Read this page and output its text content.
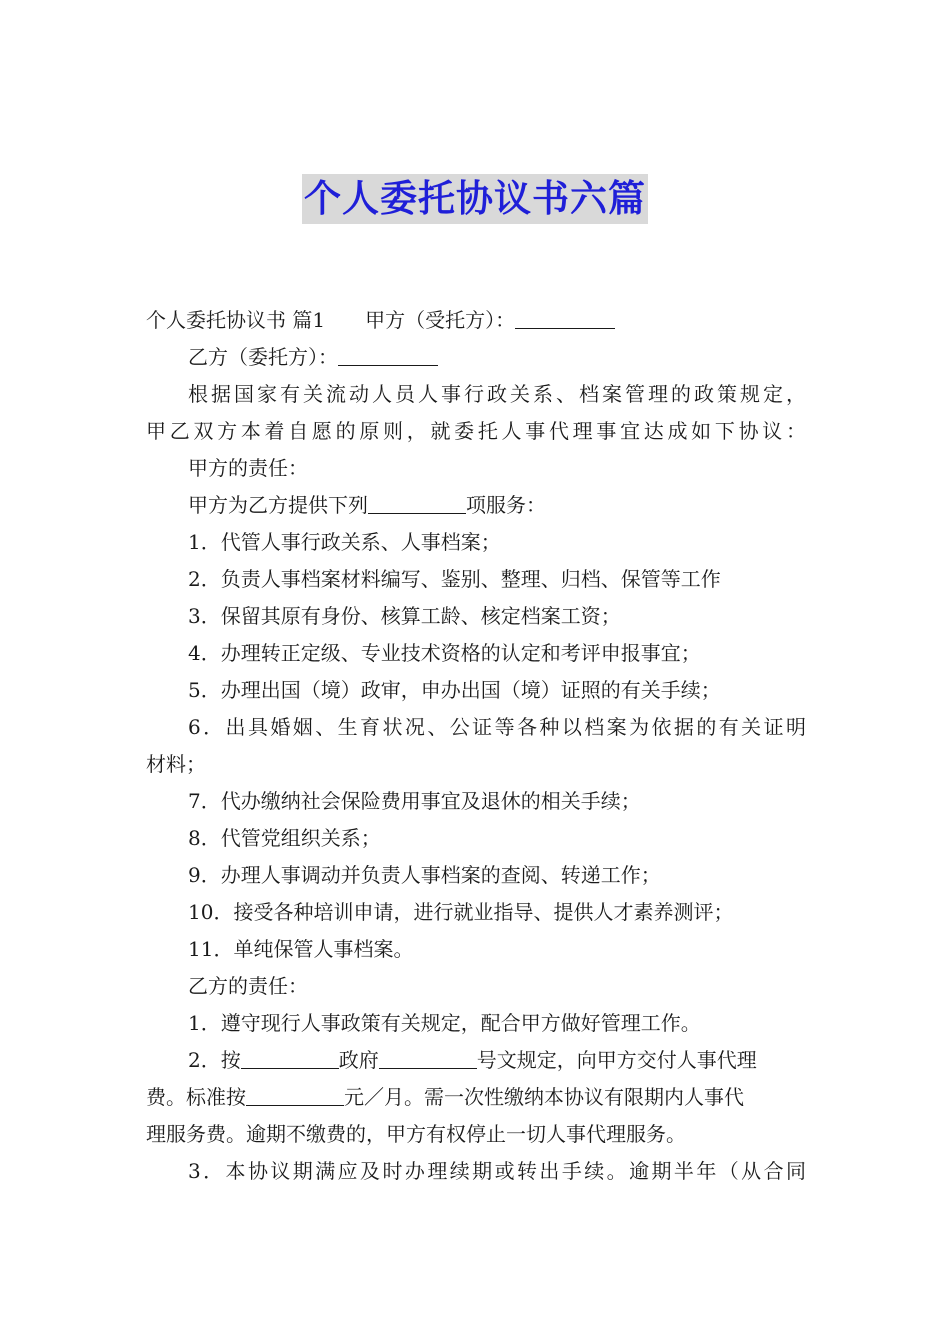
个人委托协议书六篇
个人委托协议书 篇1 甲方（受托方）：
乙方（委托方）：
根据国家有关流动人员人事行政关系、档案管理的政策规定，
甲乙双方本着自愿的原则，就委托人事代理事宜达成如下协议：
甲方的责任：
甲方为乙方提供下列	项服务：
1．代管人事行政关系、人事档案；
2．负责人事档案材料编写、鉴别、整理、归档、保管等工作
3．保留其原有身份、核算工龄、核定档案工资；
4．办理转正定级、专业技术资格的认定和考评申报事宜；
5．办理出国（境）政审，申办出国（境）证照的有关手续；
6．出具婚姻、生育状况、公证等各种以档案为依据的有关证明
材料；
7．代办缴纳社会保险费用事宜及退休的相关手续；
8．代管党组织关系；
9．办理人事调动并负责人事档案的查阅、转递工作；
10．接受各种培训申请，进行就业指导、提供人才素养测评；
11．单纯保管人事档案。
乙方的责任：
1．遵守现行人事政策有关规定，配合甲方做好管理工作。
2．按	政府	号文规定，向甲方交付人事代理
费。标准按	元／月。需一次性缴纳本协议有限期内人事代
理服务费。逾期不缴费的，甲方有权停止一切人事代理服务。
3．本协议期满应及时办理续期或转出手续。逾期半年（从合同
